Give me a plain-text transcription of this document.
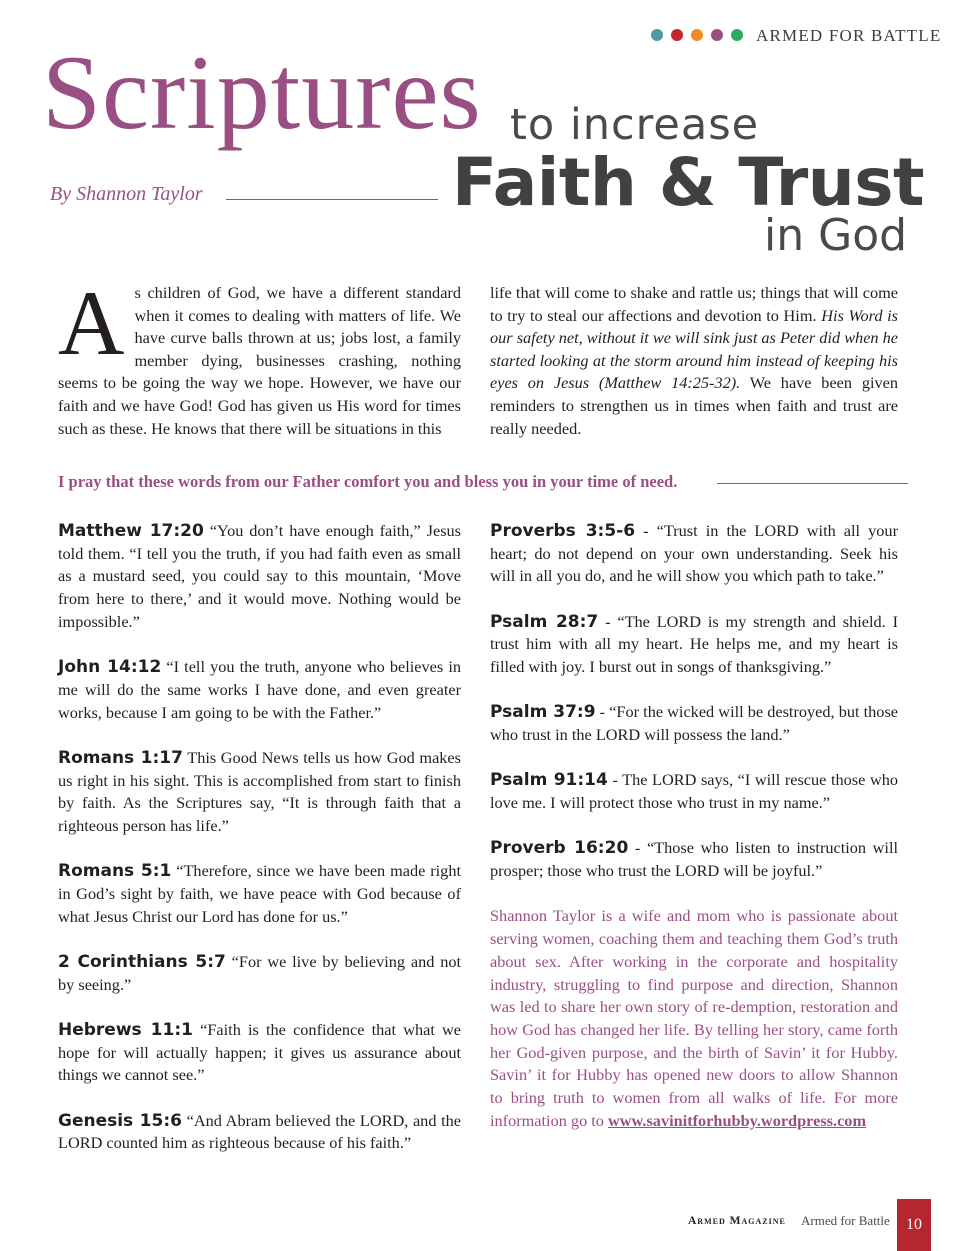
ARMED FOR BATTLE
Scriptures to increase
Faith & Trust
in God
By Shannon Taylor
A s children of God, we have a different standard when it comes to dealing with matters of life. We have curve balls thrown at us; jobs lost, a family member dying, businesses crashing, nothing seems to be going the way we hope. However, we have our faith and we have God! God has given us His word for times such as these. He knows that there will be situations in this

life that will come to shake and rattle us; things that will come to try to steal our affections and devotion to Him. His Word is our safety net, without it we will sink just as Peter did when he started looking at the storm around him instead of keeping his eyes on Jesus (Matthew 14:25-32). We have been given reminders to strengthen us in times when faith and trust are really needed.

I pray that these words from our Father comfort you and bless you in your time of need.

Matthew 17:20 “You don’t have enough faith,” Jesus told them. “I tell you the truth, if you had faith even as small as a mustard seed, you could say to this mountain, ‘Move from here to there,’ and it would move. Nothing would be impossible.”

John 14:12 “I tell you the truth, anyone who believes in me will do the same works I have done, and even greater works, because I am going to be with the Father.”

Romans 1:17 This Good News tells us how God makes us right in his sight. This is accomplished from start to finish by faith. As the Scriptures say, “It is through faith that a righteous person has life.”

Romans 5:1 “Therefore, since we have been made right in God’s sight by faith, we have peace with God because of what Jesus Christ our Lord has done for us.”

2 Corinthians 5:7 “For we live by believing and not by seeing.”

Hebrews 11:1 “Faith is the confidence that what we hope for will actually happen; it gives us assurance about things we cannot see.”

Genesis 15:6 “And Abram believed the LORD, and the LORD counted him as righteous because of his faith.”

Proverbs 3:5-6 - “Trust in the LORD with all your heart; do not depend on your own understanding. Seek his will in all you do, and he will show you which path to take.”

Psalm 28:7 - “The LORD is my strength and shield. I trust him with all my heart. He helps me, and my heart is filled with joy. I burst out in songs of thanksgiving.”

Psalm 37:9 - “For the wicked will be destroyed, but those who trust in the LORD will possess the land.”

Psalm 91:14 - The LORD says, “I will rescue those who love me. I will protect those who trust in my name.”

Proverb 16:20 - “Those who listen to instruction will prosper; those who trust the LORD will be joyful.”

Shannon Taylor is a wife and mom who is passionate about serving women, coaching them and teaching them God’s truth about sex. After working in the corporate and hospitality industry, struggling to find purpose and direction, Shannon was led to share her own story of re-demption, restoration and how God has changed her life. By telling her story, came forth her God-given purpose, and the birth of Savin’ it for Hubby. Savin’ it for Hubby has opened new doors to allow Shannon to bring truth to women from all walks of life. For more information go to www.savinitforhubby.wordpress.com

Armed Magazine Armed for Battle	10
